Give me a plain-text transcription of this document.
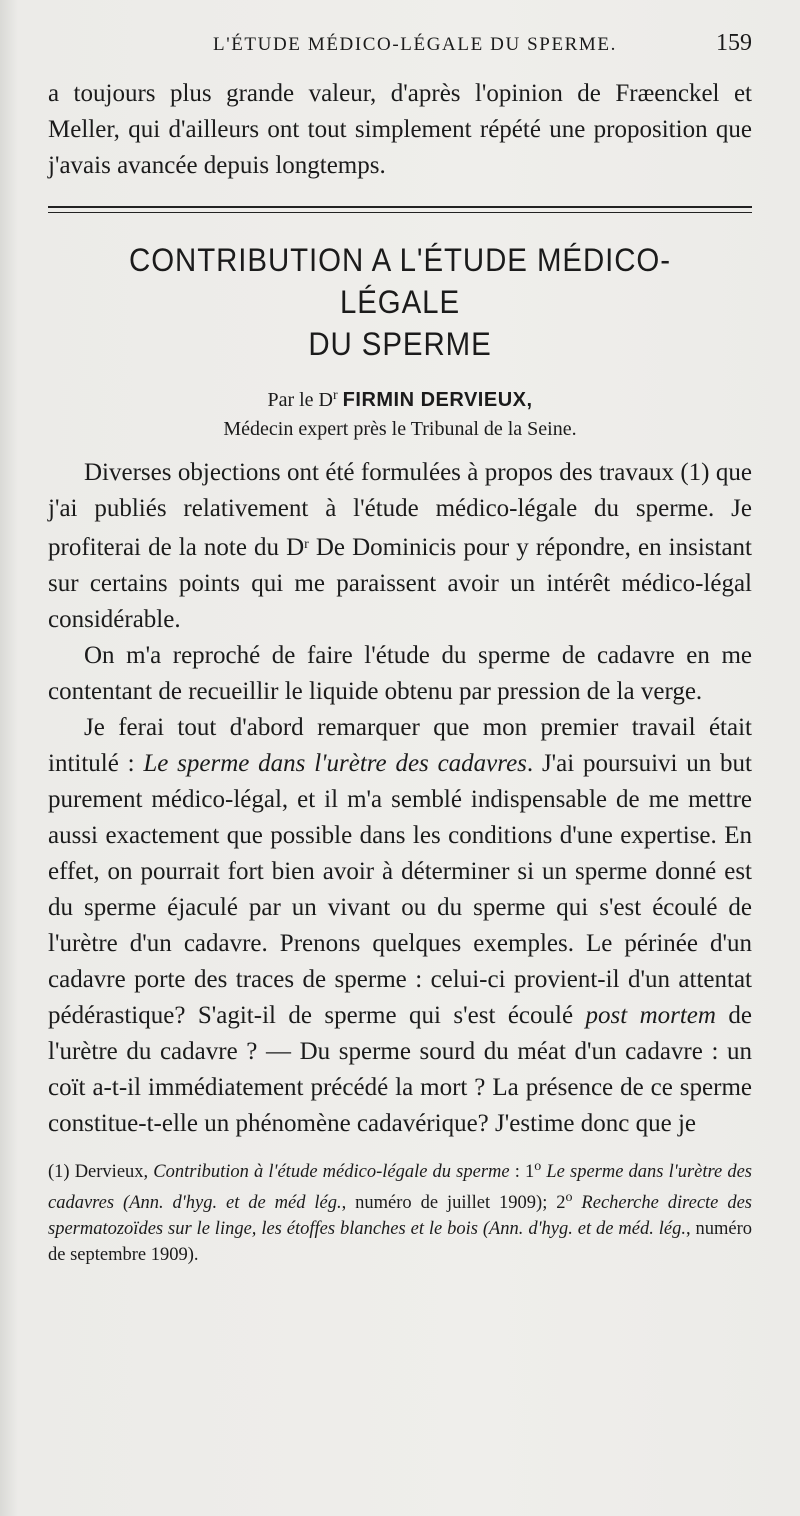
L'ÉTUDE MÉDICO-LÉGALE DU SPERME.	159

a toujours plus grande valeur, d'après l'opinion de Fræenckel et Meller, qui d'ailleurs ont tout simplement répété une proposition que j'avais avancée depuis longtemps.

CONTRIBUTION A L'ÉTUDE MÉDICO-LÉGALE
DU SPERME

Par le $D^r$ FIRMIN DERVIEUX,

Médecin expert près le Tribunal de la Seine.

Diverses objections ont été formulées à propos des travaux (1) que j'ai publiés relativement à l'étude médico-légale du sperme. Je profiterai de la note du $D^r$ De Dominicis pour y répondre, en insistant sur certains points qui me paraissent avoir un intérêt médico-légal considérable.

On m'a reproché de faire l'étude du sperme de cadavre en me contentant de recueillir le liquide obtenu par pression de la verge.

Je ferai tout d'abord remarquer que mon premier travail était intitulé : Le sperme dans l'urètre des cadavres. J'ai poursuivi un but purement médico-légal, et il m'a semblé indispensable de me mettre aussi exactement que possible dans les conditions d'une expertise. En effet, on pourrait fort bien avoir à déterminer si un sperme donné est du sperme éjaculé par un vivant ou du sperme qui s'est écoulé de l'urètre d'un cadavre. Prenons quelques exemples. Le périnée d'un cadavre porte des traces de sperme : celui-ci provient-il d'un attentat pédérastique? S'agit-il de sperme qui s'est écoulé post mortem de l'urètre du cadavre ? — Du sperme sourd du méat d'un cadavre : un coït a-t-il immédiatement précédé la mort ? La présence de ce sperme constitue-t-elle un phénomène cadavérique? J'estime donc que je

(1) Dervieux, Contribution à l'étude médico-légale du sperme : 1$^o$ Le sperme dans l'urètre des cadavres (Ann. d'hyg. et de méd lég., numéro de juillet 1909); 2$^o$ Recherche directe des spermatozoïdes sur le linge, les étoffes blanches et le bois (Ann. d'hyg. et de méd. lég., numéro de septembre 1909).
